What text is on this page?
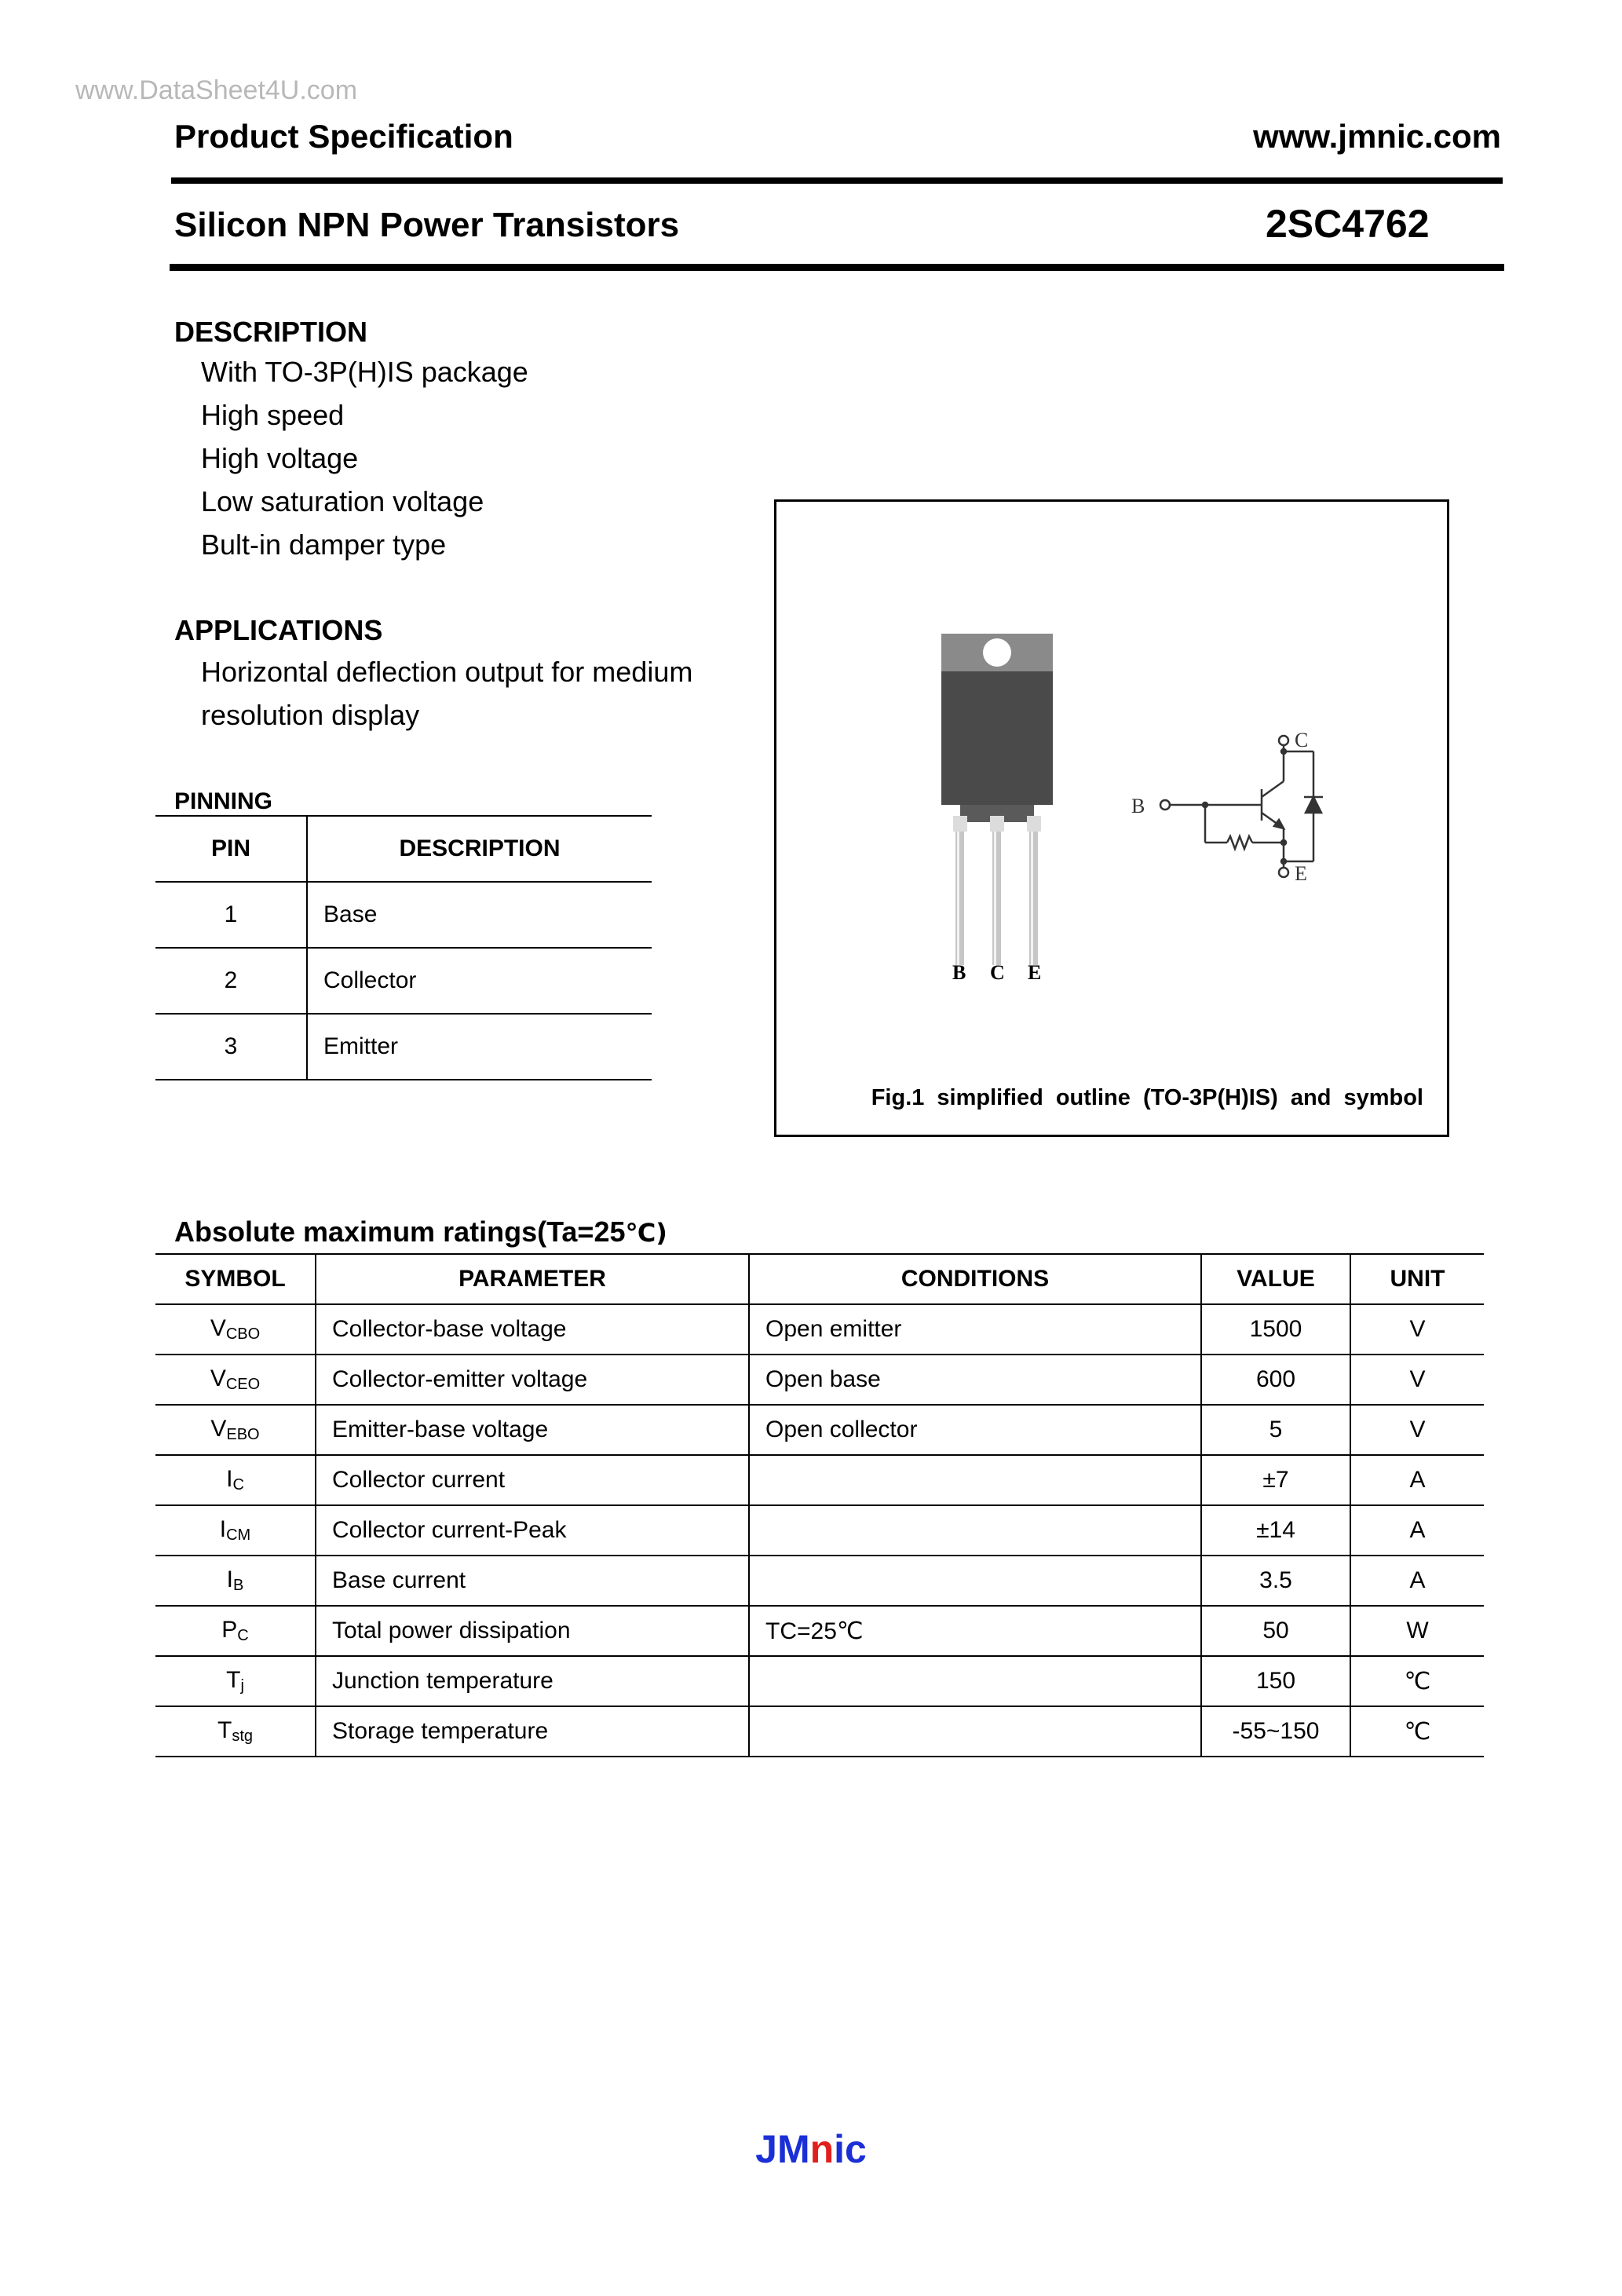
www.DataSheet4U.com
Product Specification	www.jmnic.com
Silicon NPN Power Transistors	2SC4762
DESCRIPTION
With TO-3P(H)IS package
High speed
High voltage
Low saturation voltage
Bult-in damper type
APPLICATIONS
Horizontal deflection output for medium
resolution display
PINNING
PIN	DESCRIPTION
1	Base
2	Collector
3	Emitter
B C E
B
C
E
Fig.1 simplified outline (TO-3P(H)IS) and symbol
Absolute maximum ratings(Ta=25℃)
SYMBOL	PARAMETER	CONDITIONS	VALUE	UNIT
$V_{CBO}$	Collector-base voltage	Open emitter	1500	V
$V_{CEO}$	Collector-emitter voltage	Open base	600	V
$V_{EBO}$	Emitter-base voltage	Open collector	5	V
$I_C$	Collector current		±7	A
$I_{CM}$	Collector current-Peak		±14	A
$I_B$	Base current		3.5	A
$P_C$	Total power dissipation	TC=25℃	50	W
$T_j$	Junction temperature		150	℃
$T_{stg}$	Storage temperature		-55~150	℃
JMnic
